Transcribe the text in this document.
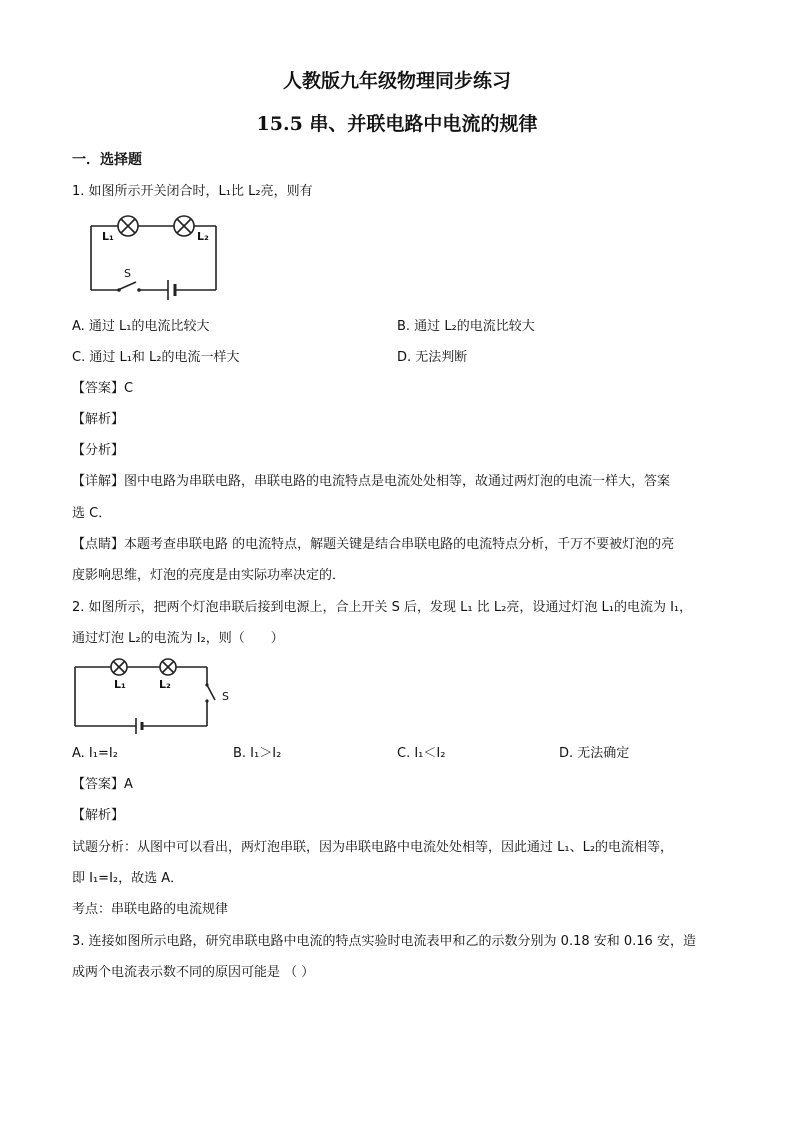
人教版九年级物理同步练习
15.5 串、并联电路中电流的规律
一．选择题
1. 如图所示开关闭合时，L₁比 L₂亮，则有
L₁	L₂
S
A. 通过 L₁的电流比较大	B. 通过 L₂的电流比较大
C. 通过 L₁和 L₂的电流一样大	D. 无法判断
【答案】C
【解析】
【分析】
【详解】图中电路为串联电路，串联电路的电流特点是电流处处相等，故通过两灯泡的电流一样大，答案
选 C．
【点睛】本题考查串联电路 的电流特点，解题关键是结合串联电路的电流特点分析，千万不要被灯泡的亮
度影响思维，灯泡的亮度是由实际功率决定的．
2. 如图所示，把两个灯泡串联后接到电源上，合上开关 S 后，发现 L₁ 比 L₂亮，设通过灯泡 L₁的电流为 I₁，
通过灯泡 L₂的电流为 I₂，则（　　）
L₁	L₂
S
A. I₁=I₂	B. I₁＞I₂	C. I₁＜I₂	D. 无法确定
【答案】A
【解析】
试题分析：从图中可以看出，两灯泡串联，因为串联电路中电流处处相等，因此通过 L₁、L₂的电流相等，
即 I₁=I₂，故选 A．
考点：串联电路的电流规律
3. 连接如图所示电路，研究串联电路中电流的特点实验时电流表甲和乙的示数分别为 0.18 安和 0.16 安，造
成两个电流表示数不同的原因可能是 （ ）
